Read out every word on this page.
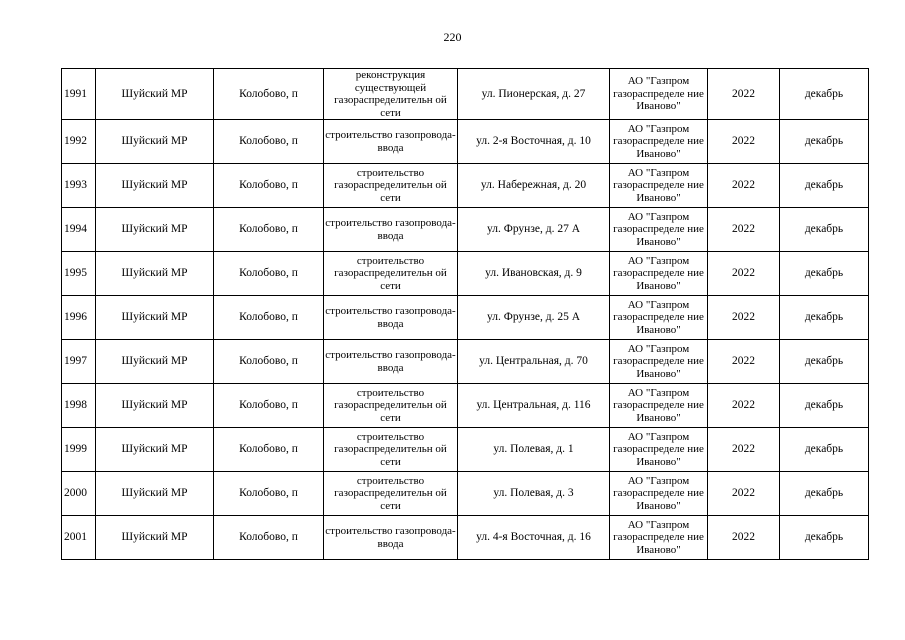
220
1991	Шуйский МР	Колобово, п	реконструкция существующей газораспределительн ой сети	ул. Пионерская, д. 27	АО "Газпром газораспределе ние Иваново"	2022	декабрь
1992	Шуйский МР	Колобово, п	строительство газопровода-ввода	ул. 2-я Восточная, д. 10	АО "Газпром газораспределе ние Иваново"	2022	декабрь
1993	Шуйский МР	Колобово, п	строительство газораспределительн ой сети	ул. Набережная, д. 20	АО "Газпром газораспределе ние Иваново"	2022	декабрь
1994	Шуйский МР	Колобово, п	строительство газопровода-ввода	ул. Фрунзе, д. 27 А	АО "Газпром газораспределе ние Иваново"	2022	декабрь
1995	Шуйский МР	Колобово, п	строительство газораспределительн ой сети	ул. Ивановская, д. 9	АО "Газпром газораспределе ние Иваново"	2022	декабрь
1996	Шуйский МР	Колобово, п	строительство газопровода-ввода	ул. Фрунзе, д. 25 А	АО "Газпром газораспределе ние Иваново"	2022	декабрь
1997	Шуйский МР	Колобово, п	строительство газопровода-ввода	ул. Центральная, д. 70	АО "Газпром газораспределе ние Иваново"	2022	декабрь
1998	Шуйский МР	Колобово, п	строительство газораспределительн ой сети	ул. Центральная, д. 116	АО "Газпром газораспределе ние Иваново"	2022	декабрь
1999	Шуйский МР	Колобово, п	строительство газораспределительн ой сети	ул. Полевая, д. 1	АО "Газпром газораспределе ние Иваново"	2022	декабрь
2000	Шуйский МР	Колобово, п	строительство газораспределительн ой сети	ул. Полевая, д. 3	АО "Газпром газораспределе ние Иваново"	2022	декабрь
2001	Шуйский МР	Колобово, п	строительство газопровода-ввода	ул. 4-я Восточная, д. 16	АО "Газпром газораспределе ние Иваново"	2022	декабрь
